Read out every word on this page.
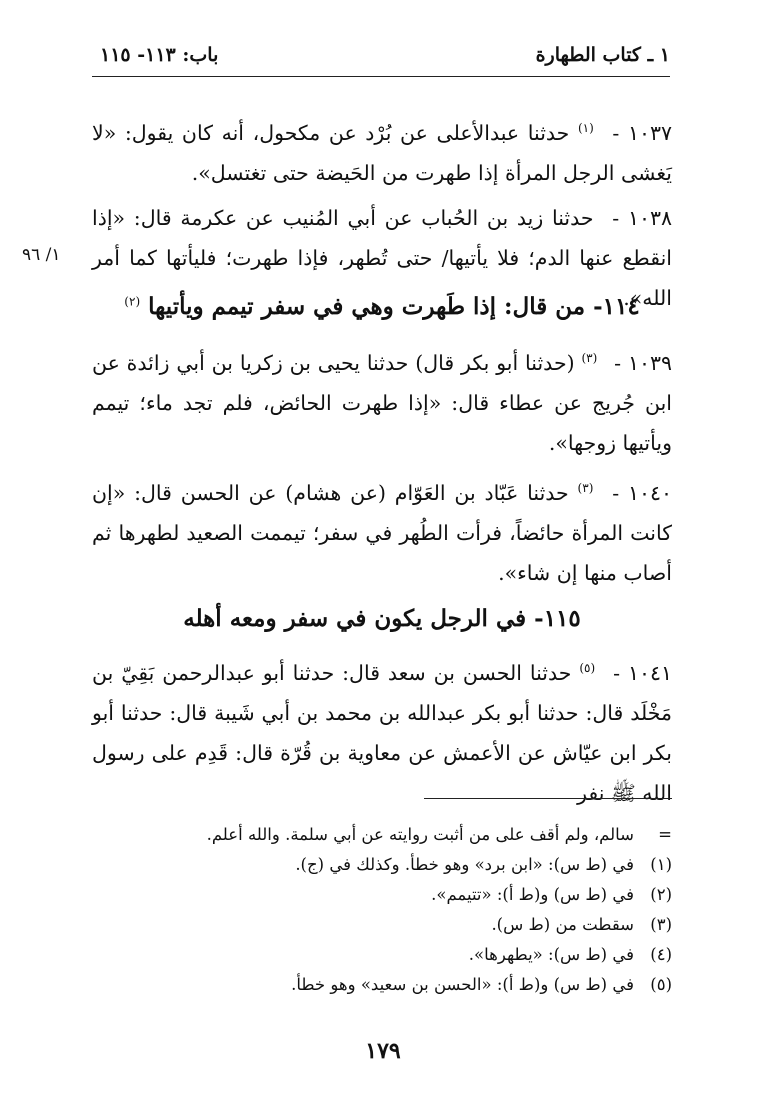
١ ـ كتاب الطهارة
باب: ١١٣- ١١٥

١٠٣٧ - $^{(١)}$ حدثنا عبدالأعلى عن بُرْد عن مكحول، أنه كان يقول: «لا يَغشى الرجل المرأة إذا طهرت من الحَيضة حتى تغتسل».

١٠٣٨ - حدثنا زيد بن الحُباب عن أبي المُنيب عن عكرمة قال: «إذا انقطع عنها الدم؛ فلا يأتيها/ حتى تُطهر، فإذا طهرت؛ فليأتها كما أمر الله».

١/ ٩٦
١١٤- من قال: إذا طَهرت وهي في سفر تيمم ويأتيها $^{(٢)}$

١٠٣٩ - $^{(٣)}$ (حدثنا أبو بكر قال) حدثنا يحيى بن زكريا بن أبي زائدة عن ابن جُريج عن عطاء قال: «إذا طهرت الحائض، فلم تجد ماء؛ تيمم ويأتيها زوجها».

١٠٤٠ - $^{(٣)}$ حدثنا عَبّاد بن العَوّام (عن هشام) عن الحسن قال: «إن كانت المرأة حائضاً، فرأت الطُهر في سفر؛ تيممت الصعيد لطهرها ثم أصاب منها إن شاء».

١١٥- في الرجل يكون في سفر ومعه أهله

١٠٤١ - $^{(٥)}$ حدثنا الحسن بن سعد قال: حدثنا أبو عبدالرحمن بَقِيّ بن مَخْلَد قال: حدثنا أبو بكر عبدالله بن محمد بن أبي شَيبة قال: حدثنا أبو بكر ابن عيّاش عن الأعمش عن معاوية بن قُرّة قال: قَدِم على رسول الله ﷺ نفر

=
سالم، ولم أقف على من أثبت روايته عن أبي سلمة. والله أعلم.
(١)
في (ط س): «ابن برد» وهو خطأ. وكذلك في (ج).
(٢)
في (ط س) و(ط أ): «تتيمم».
(٣)
سقطت من (ط س).
(٤)
في (ط س): «يطهرها».
(٥)
في (ط س) و(ط أ): «الحسن بن سعيد» وهو خطأ.
١٧٩
